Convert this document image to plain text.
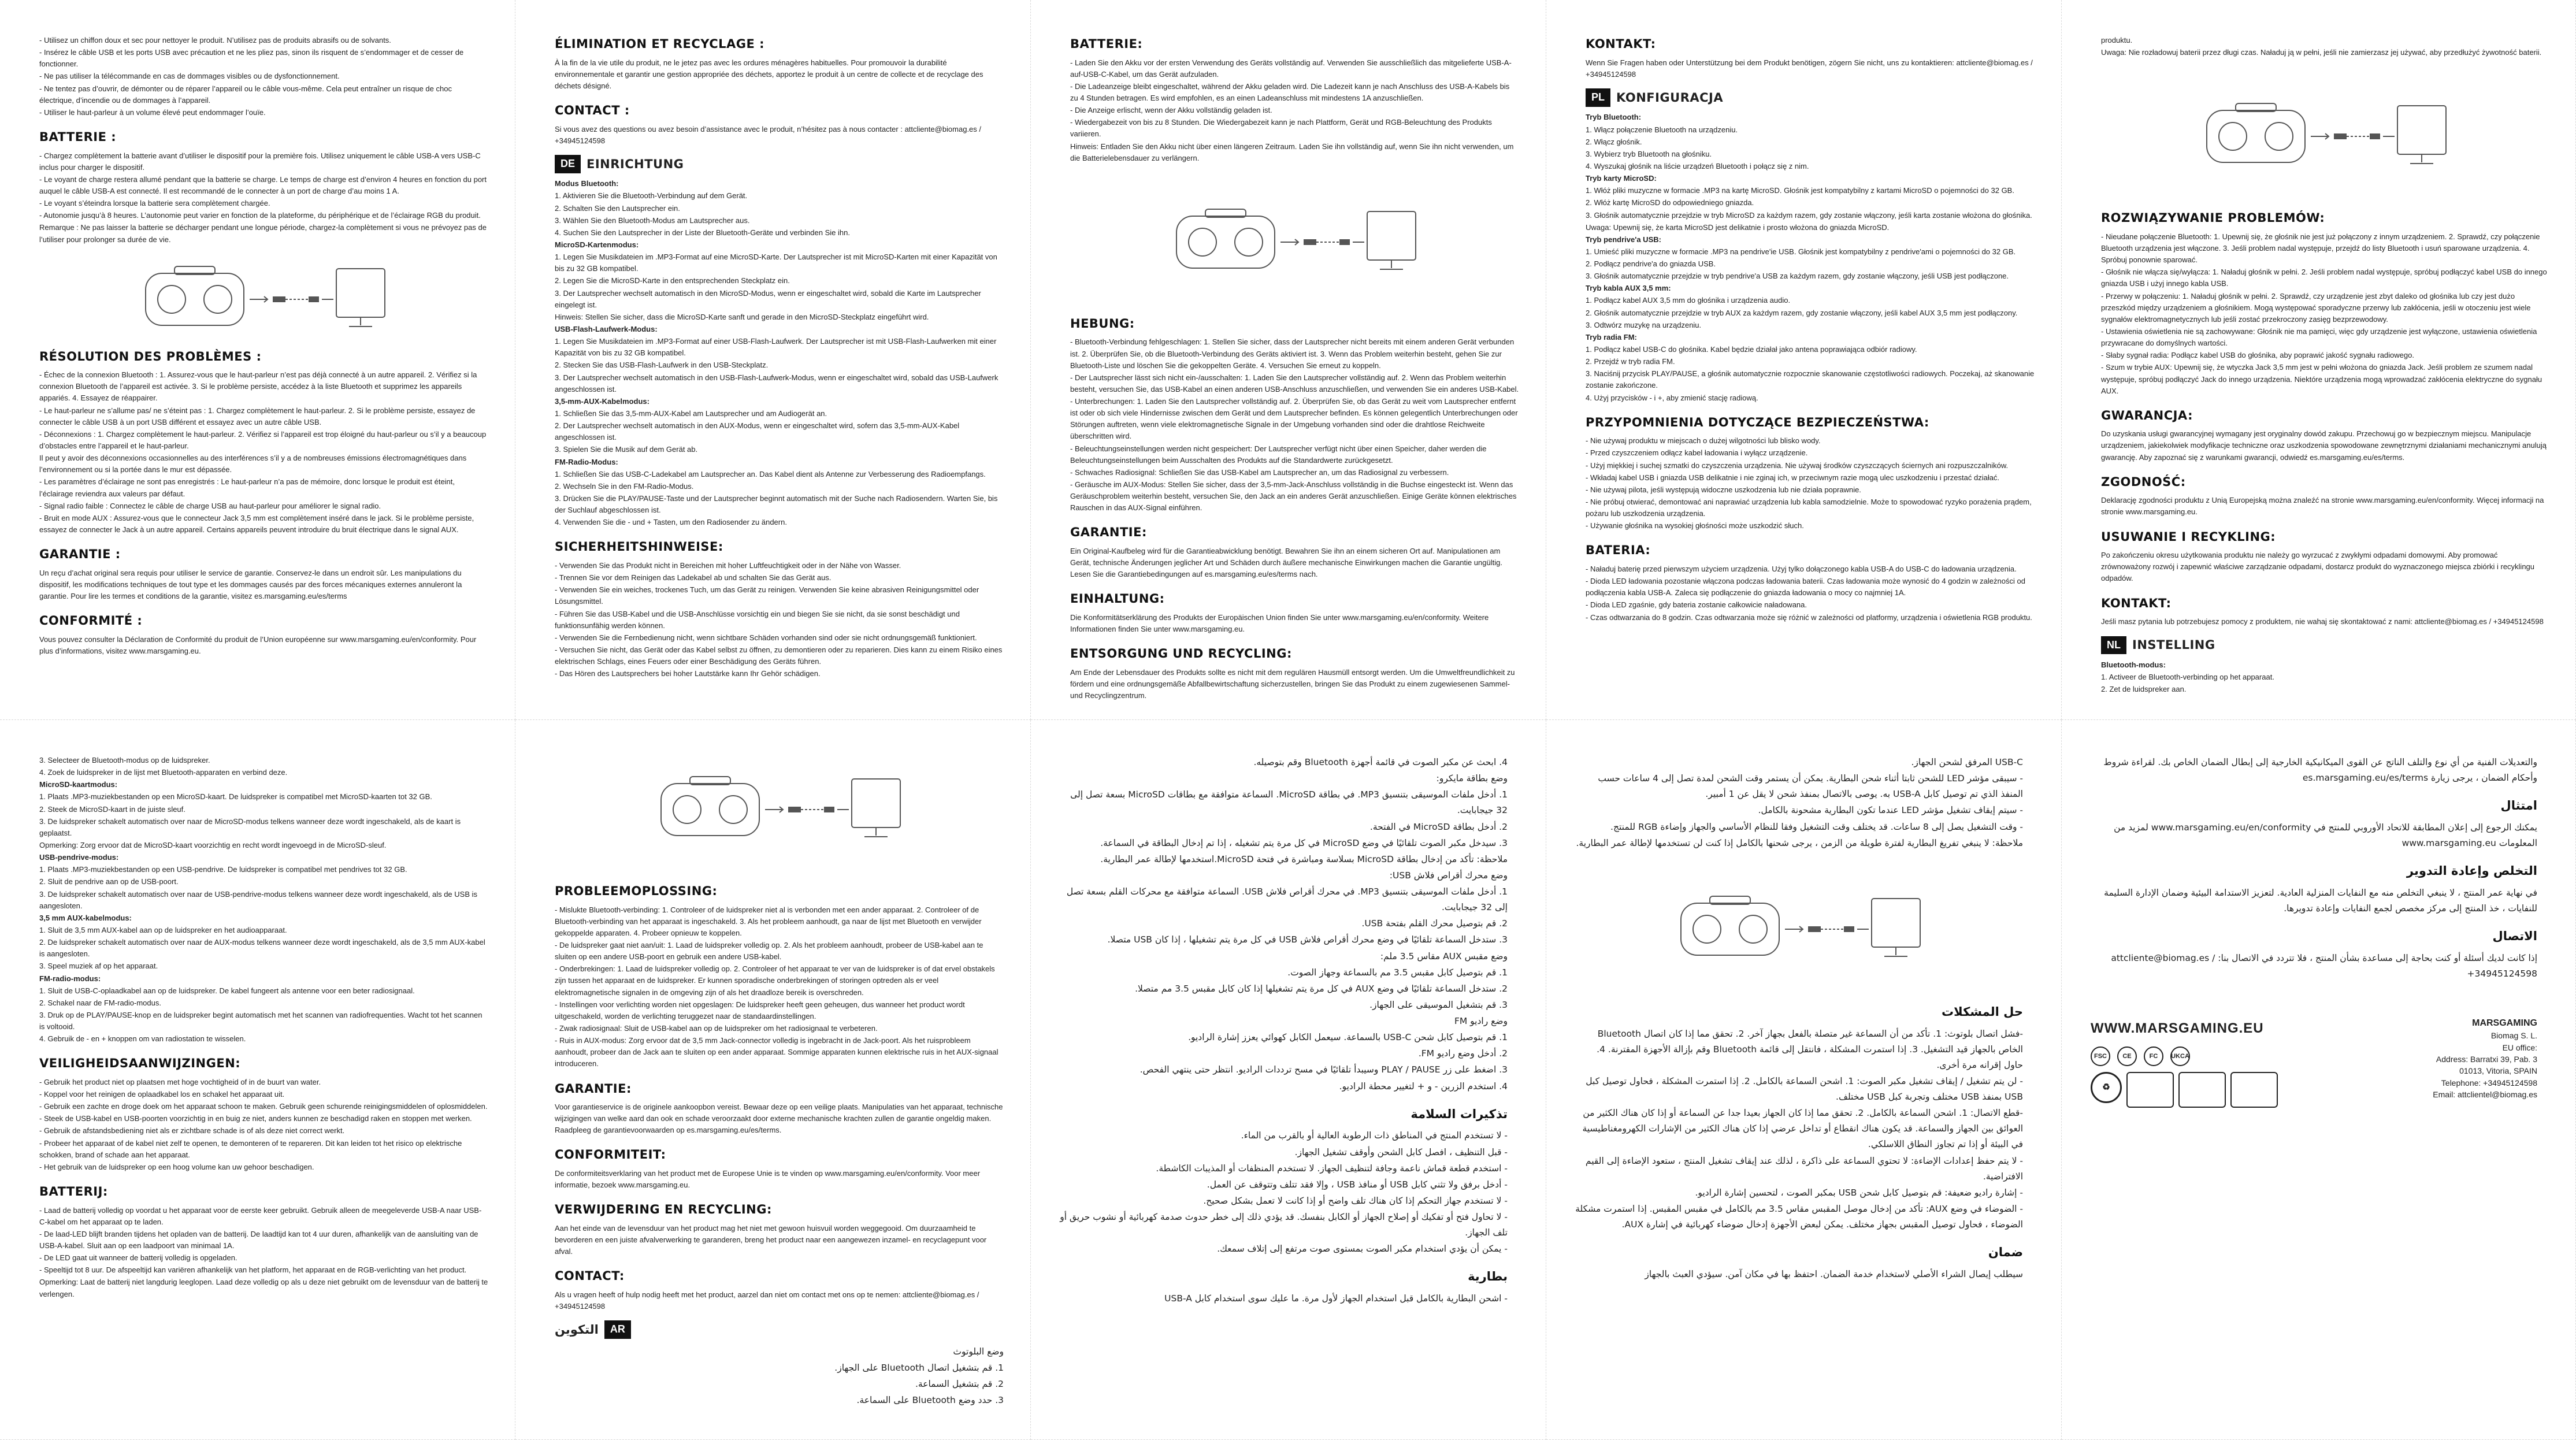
- Utilisez un chiffon doux et sec pour nettoyer le produit. N’utilisez pas de produits abrasifs ou de solvants.

- Insérez le câble USB et les ports USB avec précaution et ne les pliez pas, sinon ils risquent de s’endommager et de cesser de fonctionner.

- Ne pas utiliser la télécommande en cas de dommages visibles ou de dysfonctionnement.

- Ne tentez pas d’ouvrir, de démonter ou de réparer l’appareil ou le câble vous-même. Cela peut entraîner un risque de choc électrique, d’incendie ou de dommages à l’appareil.

- Utiliser le haut-parleur à un volume élevé peut endommager l’ouïe.

BATTERIE :

- Chargez complètement la batterie avant d’utiliser le dispositif pour la première fois. Utilisez uniquement le câble USB-A vers USB-C inclus pour charger le dispositif.

- Le voyant de charge restera allumé pendant que la batterie se charge. Le temps de charge est d’environ 4 heures en fonction du port auquel le câble USB-A est connecté. Il est recommandé de le connecter à un port de charge d’au moins 1 A.

- Le voyant s’éteindra lorsque la batterie sera complètement chargée.

- Autonomie jusqu’à 8 heures. L’autonomie peut varier en fonction de la plateforme, du périphérique et de l’éclairage RGB du produit.

Remarque : Ne pas laisser la batterie se décharger pendant une longue période, chargez-la complètement si vous ne prévoyez pas de l’utiliser pour prolonger sa durée de vie.

RÉSOLUTION DES PROBLÈMES :

- Échec de la connexion Bluetooth : 1. Assurez-vous que le haut-parleur n’est pas déjà connecté à un autre appareil. 2. Vérifiez si la connexion Bluetooth de l’appareil est activée. 3. Si le problème persiste, accédez à la liste Bluetooth et supprimez les appareils appariés. 4. Essayez de réappairer.

- Le haut-parleur ne s’allume pas/ ne s’éteint pas : 1. Chargez complètement le haut-parleur. 2. Si le problème persiste, essayez de connecter le câble USB à un port USB différent et essayez avec un autre câble USB.

- Déconnexions : 1. Chargez complètement le haut-parleur. 2. Vérifiez si l’appareil est trop éloigné du haut-parleur ou s’il y a beaucoup d’obstacles entre l’appareil et le haut-parleur.

Il peut y avoir des déconnexions occasionnelles au des interférences s’il y a de nombreuses émissions électromagnétiques dans l’environnement ou si la portée dans le mur est dépassée.

- Les paramètres d’éclairage ne sont pas enregistrés : Le haut-parleur n’a pas de mémoire, donc lorsque le produit est éteint, l’éclairage reviendra aux valeurs par défaut.

- Signal radio faible : Connectez le câble de charge USB au haut-parleur pour améliorer le signal radio.

- Bruit en mode AUX : Assurez-vous que le connecteur Jack 3,5 mm est complètement inséré dans le jack. Si le problème persiste, essayez de connecter le Jack à un autre appareil. Certains appareils peuvent introduire du bruit électrique dans le signal AUX.

GARANTIE :

Un reçu d’achat original sera requis pour utiliser le service de garantie. Conservez-le dans un endroit sûr. Les manipulations du dispositif, les modifications techniques de tout type et les dommages causés par des forces mécaniques externes annuleront la garantie. Pour lire les termes et conditions de la garantie, visitez es.marsgaming.eu/es/terms

CONFORMITÉ :

Vous pouvez consulter la Déclaration de Conformité du produit de l’Union européenne sur www.marsgaming.eu/en/conformity. Pour plus d’informations, visitez www.marsgaming.eu.

ÉLIMINATION ET RECYCLAGE :

À la fin de la vie utile du produit, ne le jetez pas avec les ordures ménagères habituelles. Pour promouvoir la durabilité environnementale et garantir une gestion appropriée des déchets, apportez le produit à un centre de collecte et de recyclage des déchets désigné.

CONTACT :

Si vous avez des questions ou avez besoin d’assistance avec le produit, n’hésitez pas à nous contacter : attcliente@biomag.es / +34945124598

DE EINRICHTUNG

Modus Bluetooth:

1. Aktivieren Sie die Bluetooth-Verbindung auf dem Gerät.

2. Schalten Sie den Lautsprecher ein.

3. Wählen Sie den Bluetooth-Modus am Lautsprecher aus.

4. Suchen Sie den Lautsprecher in der Liste der Bluetooth-Geräte und verbinden Sie ihn.

MicroSD-Kartenmodus:

1. Legen Sie Musikdateien im .MP3-Format auf eine MicroSD-Karte. Der Lautsprecher ist mit MicroSD-Karten mit einer Kapazität von bis zu 32 GB kompatibel.

2. Legen Sie die MicroSD-Karte in den entsprechenden Steckplatz ein.

3. Der Lautsprecher wechselt automatisch in den MicroSD-Modus, wenn er eingeschaltet wird, sobald die Karte im Lautsprecher eingelegt ist.

Hinweis: Stellen Sie sicher, dass die MicroSD-Karte sanft und gerade in den MicroSD-Steckplatz eingeführt wird.

USB-Flash-Laufwerk-Modus:

1. Legen Sie Musikdateien im .MP3-Format auf einer USB-Flash-Laufwerk. Der Lautsprecher ist mit USB-Flash-Laufwerken mit einer Kapazität von bis zu 32 GB kompatibel.

2. Stecken Sie das USB-Flash-Laufwerk in den USB-Steckplatz.

3. Der Lautsprecher wechselt automatisch in den USB-Flash-Laufwerk-Modus, wenn er eingeschaltet wird, sobald das USB-Laufwerk angeschlossen ist.

3,5-mm-AUX-Kabelmodus:

1. Schließen Sie das 3,5-mm-AUX-Kabel am Lautsprecher und am Audiogerät an.

2. Der Lautsprecher wechselt automatisch in den AUX-Modus, wenn er eingeschaltet wird, sofern das 3,5-mm-AUX-Kabel angeschlossen ist.

3. Spielen Sie die Musik auf dem Gerät ab.

FM-Radio-Modus:

1. Schließen Sie das USB-C-Ladekabel am Lautsprecher an. Das Kabel dient als Antenne zur Verbesserung des Radioempfangs.

2. Wechseln Sie in den FM-Radio-Modus.

3. Drücken Sie die PLAY/PAUSE-Taste und der Lautsprecher beginnt automatisch mit der Suche nach Radiosendern. Warten Sie, bis der Suchlauf abgeschlossen ist.

4. Verwenden Sie die - und + Tasten, um den Radiosender zu ändern.

SICHERHEITSHINWEISE:

- Verwenden Sie das Produkt nicht in Bereichen mit hoher Luftfeuchtigkeit oder in der Nähe von Wasser.

- Trennen Sie vor dem Reinigen das Ladekabel ab und schalten Sie das Gerät aus.

- Verwenden Sie ein weiches, trockenes Tuch, um das Gerät zu reinigen. Verwenden Sie keine abrasiven Reinigungsmittel oder Lösungsmittel.

- Führen Sie das USB-Kabel und die USB-Anschlüsse vorsichtig ein und biegen Sie sie nicht, da sie sonst beschädigt und funktionsunfähig werden können.

- Verwenden Sie die Fernbedienung nicht, wenn sichtbare Schäden vorhanden sind oder sie nicht ordnungsgemäß funktioniert.

- Versuchen Sie nicht, das Gerät oder das Kabel selbst zu öffnen, zu demontieren oder zu reparieren. Dies kann zu einem Risiko eines elektrischen Schlags, eines Feuers oder einer Beschädigung des Geräts führen.

- Das Hören des Lautsprechers bei hoher Lautstärke kann Ihr Gehör schädigen.

BATTERIE:

- Laden Sie den Akku vor der ersten Verwendung des Geräts vollständig auf. Verwenden Sie ausschließlich das mitgelieferte USB-A-auf-USB-C-Kabel, um das Gerät aufzuladen.

- Die Ladeanzeige bleibt eingeschaltet, während der Akku geladen wird. Die Ladezeit kann je nach Anschluss des USB-A-Kabels bis zu 4 Stunden betragen. Es wird empfohlen, es an einen Ladeanschluss mit mindestens 1A anzuschließen.

- Die Anzeige erlischt, wenn der Akku vollständig geladen ist.

- Wiedergabezeit von bis zu 8 Stunden. Die Wiedergabezeit kann je nach Plattform, Gerät und RGB-Beleuchtung des Produkts variieren.

Hinweis: Entladen Sie den Akku nicht über einen längeren Zeitraum. Laden Sie ihn vollständig auf, wenn Sie ihn nicht verwenden, um die Batterielebensdauer zu verlängern.

HEBUNG:

- Bluetooth-Verbindung fehlgeschlagen: 1. Stellen Sie sicher, dass der Lautsprecher nicht bereits mit einem anderen Gerät verbunden ist. 2. Überprüfen Sie, ob die Bluetooth-Verbindung des Geräts aktiviert ist. 3. Wenn das Problem weiterhin besteht, gehen Sie zur Bluetooth-Liste und löschen Sie die gekoppelten Geräte. 4. Versuchen Sie erneut zu koppeln.

- Der Lautsprecher lässt sich nicht ein-/ausschalten: 1. Laden Sie den Lautsprecher vollständig auf. 2. Wenn das Problem weiterhin besteht, versuchen Sie, das USB-Kabel an einen anderen USB-Anschluss anzuschließen, und verwenden Sie ein anderes USB-Kabel.

- Unterbrechungen: 1. Laden Sie den Lautsprecher vollständig auf. 2. Überprüfen Sie, ob das Gerät zu weit vom Lautsprecher entfernt ist oder ob sich viele Hindernisse zwischen dem Gerät und dem Lautsprecher befinden. Es können gelegentlich Unterbrechungen oder Störungen auftreten, wenn viele elektromagnetische Signale in der Umgebung vorhanden sind oder die drahtlose Reichweite überschritten wird.

- Beleuchtungseinstellungen werden nicht gespeichert: Der Lautsprecher verfügt nicht über einen Speicher, daher werden die Beleuchtungseinstellungen beim Ausschalten des Produkts auf die Standardwerte zurückgesetzt.

- Schwaches Radiosignal: Schließen Sie das USB-Kabel am Lautsprecher an, um das Radiosignal zu verbessern.

- Geräusche im AUX-Modus: Stellen Sie sicher, dass der 3,5-mm-Jack-Anschluss vollständig in die Buchse eingesteckt ist. Wenn das Geräuschproblem weiterhin besteht, versuchen Sie, den Jack an ein anderes Gerät anzuschließen. Einige Geräte können elektrisches Rauschen in das AUX-Signal einführen.

GARANTIE:

Ein Original-Kaufbeleg wird für die Garantieabwicklung benötigt. Bewahren Sie ihn an einem sicheren Ort auf. Manipulationen am Gerät, technische Änderungen jeglicher Art und Schäden durch äußere mechanische Einwirkungen machen die Garantie ungültig. Lesen Sie die Garantiebedingungen auf es.marsgaming.eu/es/terms nach.

EINHALTUNG:

Die Konformitätserklärung des Produkts der Europäischen Union finden Sie unter www.marsgaming.eu/en/conformity. Weitere Informationen finden Sie unter www.marsgaming.eu.

ENTSORGUNG UND RECYCLING:

Am Ende der Lebensdauer des Produkts sollte es nicht mit dem regulären Hausmüll entsorgt werden. Um die Umweltfreundlichkeit zu fördern und eine ordnungsgemäße Abfallbewirtschaftung sicherzustellen, bringen Sie das Produkt zu einem zugewiesenen Sammel- und Recyclingzentrum.

KONTAKT:

Wenn Sie Fragen haben oder Unterstützung bei dem Produkt benötigen, zögern Sie nicht, uns zu kontaktieren: attcliente@biomag.es / +34945124598

PL KONFIGURACJA

Tryb Bluetooth:

1. Włącz połączenie Bluetooth na urządzeniu.

2. Włącz głośnik.

3. Wybierz tryb Bluetooth na głośniku.

4. Wyszukaj głośnik na liście urządzeń Bluetooth i połącz się z nim.

Tryb karty MicroSD:

1. Włóż pliki muzyczne w formacie .MP3 na kartę MicroSD. Głośnik jest kompatybilny z kartami MicroSD o pojemności do 32 GB.

2. Włóż kartę MicroSD do odpowiedniego gniazda.

3. Głośnik automatycznie przejdzie w tryb MicroSD za każdym razem, gdy zostanie włączony, jeśli karta zostanie włożona do głośnika.

Uwaga: Upewnij się, że karta MicroSD jest delikatnie i prosto włożona do gniazda MicroSD.

Tryb pendrive'a USB:

1. Umieść pliki muzyczne w formacie .MP3 na pendrive'ie USB. Głośnik jest kompatybilny z pendrive'ami o pojemności do 32 GB.

2. Podłącz pendrive'a do gniazda USB.

3. Głośnik automatycznie przejdzie w tryb pendrive'a USB za każdym razem, gdy zostanie włączony, jeśli USB jest podłączone.

Tryb kabla AUX 3,5 mm:

1. Podłącz kabel AUX 3,5 mm do głośnika i urządzenia audio.

2. Głośnik automatycznie przejdzie w tryb AUX za każdym razem, gdy zostanie włączony, jeśli kabel AUX 3,5 mm jest podłączony.

3. Odtwórz muzykę na urządzeniu.

Tryb radia FM:

1. Podłącz kabel USB-C do głośnika. Kabel będzie działał jako antena poprawiająca odbiór radiowy.

2. Przejdź w tryb radia FM.

3. Naciśnij przycisk PLAY/PAUSE, a głośnik automatycznie rozpocznie skanowanie częstotliwości radiowych. Poczekaj, aż skanowanie zostanie zakończone.

4. Użyj przycisków - i +, aby zmienić stację radiową.

PRZYPOMNIENIA DOTYCZĄCE BEZPIECZEŃSTWA:

- Nie używaj produktu w miejscach o dużej wilgotności lub blisko wody.

- Przed czyszczeniem odłącz kabel ładowania i wyłącz urządzenie.

- Użyj miękkiej i suchej szmatki do czyszczenia urządzenia. Nie używaj środków czyszczących ściernych ani rozpuszczalników.

- Wkładaj kabel USB i gniazda USB delikatnie i nie zginaj ich, w przeciwnym razie mogą ulec uszkodzeniu i przestać działać.

- Nie używaj pilota, jeśli występują widoczne uszkodzenia lub nie działa poprawnie.

- Nie próbuj otwierać, demontować ani naprawiać urządzenia lub kabla samodzielnie. Może to spowodować ryzyko porażenia prądem, pożaru lub uszkodzenia urządzenia.

- Używanie głośnika na wysokiej głośności może uszkodzić słuch.

BATERIA:

- Naładuj baterię przed pierwszym użyciem urządzenia. Użyj tylko dołączonego kabla USB-A do USB-C do ładowania urządzenia.

- Dioda LED ładowania pozostanie włączona podczas ładowania baterii. Czas ładowania może wynosić do 4 godzin w zależności od podłączenia kabla USB-A. Zaleca się podłączenie do gniazda ładowania o mocy co najmniej 1A.

- Dioda LED zgaśnie, gdy bateria zostanie całkowicie naładowana.

- Czas odtwarzania do 8 godzin. Czas odtwarzania może się różnić w zależności od platformy, urządzenia i oświetlenia RGB produktu.

produktu.

Uwaga: Nie rozładowuj baterii przez długi czas. Naładuj ją w pełni, jeśli nie zamierzasz jej używać, aby przedłużyć żywotność baterii.

ROZWIĄZYWANIE PROBLEMÓW:

- Nieudane połączenie Bluetooth: 1. Upewnij się, że głośnik nie jest już połączony z innym urządzeniem. 2. Sprawdź, czy połączenie Bluetooth urządzenia jest włączone. 3. Jeśli problem nadal występuje, przejdź do listy Bluetooth i usuń sparowane urządzenia. 4. Spróbuj ponownie sparować.

- Głośnik nie włącza się/wyłącza: 1. Naładuj głośnik w pełni. 2. Jeśli problem nadal występuje, spróbuj podłączyć kabel USB do innego gniazda USB i użyj innego kabla USB.

- Przerwy w połączeniu: 1. Naładuj głośnik w pełni. 2. Sprawdź, czy urządzenie jest zbyt daleko od głośnika lub czy jest dużo przeszkód między urządzeniem a głośnikiem. Mogą występować sporadyczne przerwy lub zakłócenia, jeśli w otoczeniu jest wiele sygnałów elektromagnetycznych lub jeśli zostać przekroczony zasięg bezprzewodowy.

- Ustawienia oświetlenia nie są zachowywane: Głośnik nie ma pamięci, więc gdy urządzenie jest wyłączone, ustawienia oświetlenia przywracane do domyślnych wartości.

- Słaby sygnał radia: Podłącz kabel USB do głośnika, aby poprawić jakość sygnału radiowego.

- Szum w trybie AUX: Upewnij się, że wtyczka Jack 3,5 mm jest w pełni włożona do gniazda Jack. Jeśli problem ze szumem nadal występuje, spróbuj podłączyć Jack do innego urządzenia. Niektóre urządzenia mogą wprowadzać zakłócenia elektryczne do sygnału AUX.

GWARANCJA:

Do uzyskania usługi gwarancyjnej wymagany jest oryginalny dowód zakupu. Przechowuj go w bezpiecznym miejscu. Manipulacje urządzeniem, jakiekolwiek modyfikacje techniczne oraz uszkodzenia spowodowane zewnętrznymi działaniami mechanicznymi anulują gwarancję. Aby zapoznać się z warunkami gwarancji, odwiedź es.marsgaming.eu/es/terms.

ZGODNOŚĆ:

Deklarację zgodności produktu z Unią Europejską można znaleźć na stronie www.marsgaming.eu/en/conformity. Więcej informacji na stronie www.marsgaming.eu.

USUWANIE I RECYKLING:

Po zakończeniu okresu użytkowania produktu nie należy go wyrzucać z zwykłymi odpadami domowymi. Aby promować zrównoważony rozwój i zapewnić właściwe zarządzanie odpadami, dostarcz produkt do wyznaczonego miejsca zbiórki i recyklingu odpadów.

KONTAKT:

Jeśli masz pytania lub potrzebujesz pomocy z produktem, nie wahaj się skontaktować z nami: attcliente@biomag.es / +34945124598

NL INSTELLING

Bluetooth-modus:

1. Activeer de Bluetooth-verbinding op het apparaat.

2. Zet de luidspreker aan.

3. Selecteer de Bluetooth-modus op de luidspreker.

4. Zoek de luidspreker in de lijst met Bluetooth-apparaten en verbind deze.

MicroSD-kaartmodus:

1. Plaats .MP3-muziekbestanden op een MicroSD-kaart. De luidspreker is compatibel met MicroSD-kaarten tot 32 GB.

2. Steek de MicroSD-kaart in de juiste sleuf.

3. De luidspreker schakelt automatisch over naar de MicroSD-modus telkens wanneer deze wordt ingeschakeld, als de kaart is geplaatst.

Opmerking: Zorg ervoor dat de MicroSD-kaart voorzichtig en recht wordt ingevoegd in de MicroSD-sleuf.

USB-pendrive-modus:

1. Plaats .MP3-muziekbestanden op een USB-pendrive. De luidspreker is compatibel met pendrives tot 32 GB.

2. Sluit de pendrive aan op de USB-poort.

3. De luidspreker schakelt automatisch over naar de USB-pendrive-modus telkens wanneer deze wordt ingeschakeld, als de USB is aangesloten.

3,5 mm AUX-kabelmodus:

1. Sluit de 3,5 mm AUX-kabel aan op de luidspreker en het audioapparaat.

2. De luidspreker schakelt automatisch over naar de AUX-modus telkens wanneer deze wordt ingeschakeld, als de 3,5 mm AUX-kabel is aangesloten.

3. Speel muziek af op het apparaat.

FM-radio-modus:

1. Sluit de USB-C-oplaadkabel aan op de luidspreker. De kabel fungeert als antenne voor een beter radiosignaal.

2. Schakel naar de FM-radio-modus.

3. Druk op de PLAY/PAUSE-knop en de luidspreker begint automatisch met het scannen van radiofrequenties. Wacht tot het scannen is voltooid.

4. Gebruik de - en + knoppen om van radiostation te wisselen.

VEILIGHEIDSAANWIJZINGEN:

- Gebruik het product niet op plaatsen met hoge vochtigheid of in de buurt van water.

- Koppel voor het reinigen de oplaadkabel los en schakel het apparaat uit.

- Gebruik een zachte en droge doek om het apparaat schoon te maken. Gebruik geen schurende reinigingsmiddelen of oplosmiddelen.

- Steek de USB-kabel en USB-poorten voorzichtig in en buig ze niet, anders kunnen ze beschadigd raken en stoppen met werken.

- Gebruik de afstandsbediening niet als er zichtbare schade is of als deze niet correct werkt.

- Probeer het apparaat of de kabel niet zelf te openen, te demonteren of te repareren. Dit kan leiden tot het risico op elektrische schokken, brand of schade aan het apparaat.

- Het gebruik van de luidspreker op een hoog volume kan uw gehoor beschadigen.

BATTERIJ:

- Laad de batterij volledig op voordat u het apparaat voor de eerste keer gebruikt. Gebruik alleen de meegeleverde USB-A naar USB-C-kabel om het apparaat op te laden.

- De laad-LED blijft branden tijdens het opladen van de batterij. De laadtijd kan tot 4 uur duren, afhankelijk van de aansluiting van de USB-A-kabel. Sluit aan op een laadpoort van minimaal 1A.

- De LED gaat uit wanneer de batterij volledig is opgeladen.

- Speeltijd tot 8 uur. De afspeeltijd kan variëren afhankelijk van het platform, het apparaat en de RGB-verlichting van het product.

Opmerking: Laat de batterij niet langdurig leeglopen. Laad deze volledig op als u deze niet gebruikt om de levensduur van de batterij te verlengen.

PROBLEEMOPLOSSING:

- Mislukte Bluetooth-verbinding: 1. Controleer of de luidspreker niet al is verbonden met een ander apparaat. 2. Controleer of de Bluetooth-verbinding van het apparaat is ingeschakeld. 3. Als het probleem aanhoudt, ga naar de lijst met Bluetooth en verwijder gekoppelde apparaten. 4. Probeer opnieuw te koppelen.

- De luidspreker gaat niet aan/uit: 1. Laad de luidspreker volledig op. 2. Als het probleem aanhoudt, probeer de USB-kabel aan te sluiten op een andere USB-poort en gebruik een andere USB-kabel.

- Onderbrekingen: 1. Laad de luidspreker volledig op. 2. Controleer of het apparaat te ver van de luidspreker is of dat ervel obstakels zijn tussen het apparaat en de luidspreker. Er kunnen sporadische onderbrekingen of storingen optreden als er veel elektromagnetische signalen in de omgeving zijn of als het draadloze bereik is overschreden.

- Instellingen voor verlichting worden niet opgeslagen: De luidspreker heeft geen geheugen, dus wanneer het product wordt uitgeschakeld, worden de verlichting teruggezet naar de standaardinstellingen.

- Zwak radiosignaal: Sluit de USB-kabel aan op de luidspreker om het radiosignaal te verbeteren.

- Ruis in AUX-modus: Zorg ervoor dat de 3,5 mm Jack-connector volledig is ingebracht in de Jack-poort. Als het ruisprobleem aanhoudt, probeer dan de Jack aan te sluiten op een ander apparaat. Sommige apparaten kunnen elektrische ruis in het AUX-signaal introduceren.

GARANTIE:

Voor garantieservice is de originele aankoopbon vereist. Bewaar deze op een veilige plaats. Manipulaties van het apparaat, technische wijzigingen van welke aard dan ook en schade veroorzaakt door externe mechanische krachten zullen de garantie ongeldig maken. Raadpleeg de garantievoorwaarden op es.marsgaming.eu/es/terms.

CONFORMITEIT:

De conformiteitsverklaring van het product met de Europese Unie is te vinden op www.marsgaming.eu/en/conformity. Voor meer informatie, bezoek www.marsgaming.eu.

VERWIJDERING EN RECYCLING:

Aan het einde van de levensduur van het product mag het niet met gewoon huisvuil worden weggegooid. Om duurzaamheid te bevorderen en een juiste afvalverwerking te garanderen, breng het product naar een aangewezen inzamel- en recyclagepunt voor afval.

CONTACT:

Als u vragen heeft of hulp nodig heeft met het product, aarzel dan niet om contact met ons op te nemen: attcliente@biomag.es / +34945124598

AR
التكوين

وضع البلوتوث

1. قم بتشغيل اتصال Bluetooth على الجهاز.

2. قم بتشغيل السماعة.

3. حدد وضع Bluetooth على السماعة.

4. ابحث عن مكبر الصوت في قائمة أجهزة Bluetooth وقم بتوصيله.

وضع بطاقة مايكرو:

1. أدخل ملفات الموسيقى بتنسيق MP3. في بطاقة MicroSD. السماعة متوافقة مع بطاقات MicroSD بسعة تصل إلى 32 جيجابايت.

2. أدخل بطاقة MicroSD في الفتحة.

3. سيدخل مكبر الصوت تلقائيًا في وضع MicroSD في كل مرة يتم تشغيله ، إذا تم إدخال البطاقة في السماعة.

ملاحظة: تأكد من إدخال بطاقة MicroSD بسلاسة ومباشرة في فتحة MicroSD.استخدمها لإطالة عمر البطارية.

وضع محرك أقراص فلاش USB:

1. أدخل ملفات الموسيقى بتنسيق MP3. في محرك أقراص فلاش USB. السماعة متوافقة مع محركات القلم بسعة تصل إلى 32 جيجابايت.

2. قم بتوصيل محرك القلم بفتحة USB.

3. ستدخل السماعة تلقائيًا في وضع محرك أقراص فلاش USB في كل مرة يتم تشغيلها ، إذا كان USB متصلا.

وضع مقبس AUX مقاس 3.5 ملم:

1. قم بتوصيل كابل مقبس 3.5 مم بالسماعة وجهاز الصوت.

2. ستدخل السماعة تلقائيًا في وضع AUX في كل مرة يتم تشغيلها إذا كان كابل مقبس 3.5 مم متصلا.

3. قم بتشغيل الموسيقى على الجهاز.

وضع راديو FM

1. قم بتوصيل كابل شحن USB-C بالسماعة. سيعمل الكابل كهوائي يعزز إشارة الراديو.

2. أدخل وضع راديو FM.

3. اضغط على زر PLAY / PAUSE وسيبدأ تلقائيًا في مسح ترددات الراديو. انتظر حتى ينتهي الفحص.

4. استخدم الزرين - و + لتغيير محطة الراديو.

تذكيرات السلامة

- لا تستخدم المنتج في المناطق ذات الرطوبة العالية أو بالقرب من الماء.

- قبل التنظيف ، افصل كابل الشحن وأوقف تشغيل الجهاز.

- استخدم قطعة قماش ناعمة وجافة لتنظيف الجهاز. لا تستخدم المنظفات أو المذيبات الكاشطة.

- أدخل برفق ولا تثني كابل USB أو منافذ USB ، وإلا فقد تتلف وتتوقف عن العمل.

- لا تستخدم جهاز التحكم إذا كان هناك تلف واضح أو إذا كانت لا تعمل بشكل صحيح.

- لا تحاول فتح أو تفكيك أو إصلاح الجهاز أو الكابل بنفسك. قد يؤدي ذلك إلى خطر حدوث صدمة كهربائية أو نشوب حريق أو تلف الجهاز.

- يمكن أن يؤدي استخدام مكبر الصوت بمستوى صوت مرتفع إلى إتلاف سمعك.

بطارية

- اشحن البطارية بالكامل قبل استخدام الجهاز لأول مرة. ما عليك سوى استخدام كابل USB-A

USB-C المرفق لشحن الجهاز.

- سيبقى مؤشر LED للشحن ثابتا أثناء شحن البطارية. يمكن أن يستمر وقت الشحن لمدة تصل إلى 4 ساعات حسب المنفذ الذي تم توصيل كابل USB-A به. يوصى بالاتصال بمنفذ شحن لا يقل عن 1 أمبير.

- سيتم إيقاف تشغيل مؤشر LED عندما تكون البطارية مشحونة بالكامل.

- وقت التشغيل يصل إلى 8 ساعات. قد يختلف وقت التشغيل وفقا للنظام الأساسي والجهاز وإضاءة RGB للمنتج.

ملاحظة: لا ينبغي تفريغ البطارية لفترة طويلة من الزمن ، يرجى شحنها بالكامل إذا كنت لن تستخدمها لإطالة عمر البطارية.

حل المشكلات

-فشل اتصال بلوتوث: 1. تأكد من أن السماعة غير متصلة بالفعل بجهاز آخر. 2. تحقق مما إذا كان اتصال Bluetooth الخاص بالجهاز قيد التشغيل. 3. إذا استمرت المشكلة ، فانتقل إلى قائمة Bluetooth وقم بإزالة الأجهزة المقترنة. 4. حاول إقرانه مرة أخرى.

- لن يتم تشغيل / إيقاف تشغيل مكبر الصوت: 1. اشحن السماعة بالكامل. 2. إذا استمرت المشكلة ، فحاول توصيل كبل USB بمنفذ USB مختلف وتجربة كبل USB مختلف.

-قطع الاتصال: 1. اشحن السماعة بالكامل. 2. تحقق مما إذا كان الجهاز بعيدا جدا عن السماعة أو إذا كان هناك الكثير من العوائق بين الجهاز والسماعة. قد يكون هناك انقطاع أو تداخل عرضي إذا كان هناك الكثير من الإشارات الكهرومغناطيسية في البيئة أو إذا تم تجاوز النطاق اللاسلكي.

- لا يتم حفظ إعدادات الإضاءة: لا تحتوي السماعة على ذاكرة ، لذلك عند إيقاف تشغيل المنتج ، ستعود الإضاءة إلى القيم الافتراضية.

- إشارة راديو ضعيفة: قم بتوصيل كابل شحن USB بمكبر الصوت ، لتحسين إشارة الراديو.

- الضوضاء في وضع AUX: تأكد من إدخال موصل المقبس مقاس 3.5 مم بالكامل في مقبس المقبس. إذا استمرت مشكلة الضوضاء ، فحاول توصيل المقبس بجهاز مختلف. يمكن لبعض الأجهزة إدخال ضوضاء كهربائية في إشارة AUX.

ضمان

سيطلب إيصال الشراء الأصلي لاستخدام خدمة الضمان. احتفظ بها في مكان آمن. سيؤدي العبث بالجهاز

والتعديلات الفنية من أي نوع والتلف الناتج عن القوى الميكانيكية الخارجية إلى إبطال الضمان الخاص بك. لقراءة شروط وأحكام الضمان ، يرجى زيارة es.marsgaming.eu/es/terms

امتثال

يمكنك الرجوع إلى إعلان المطابقة للاتحاد الأوروبي للمنتج في www.marsgaming.eu/en/conformity لمزيد من المعلومات www.marsgaming.eu

التخلص وإعادة التدوير

في نهاية عمر المنتج ، لا ينبغي التخلص منه مع النفايات المنزلية العادية. لتعزيز الاستدامة البيئية وضمان الإدارة السليمة للنفايات ، خذ المنتج إلى مركز مخصص لجمع النفايات وإعادة تدويرها.

الاتصال

إذا كانت لديك أسئلة أو كنت بحاجة إلى مساعدة بشأن المنتج ، فلا تتردد في الاتصال بنا: attcliente@biomag.es / +34945124598

WWW.MARSGAMING.EU
FSC	CE	FC	UKCA
♻
MARSGAMING
Biomag S. L.
EU office:
Address: Barratxi 39, Pab. 3
01013, Vitoria, SPAIN
Telephone: +34945124598
Email: attclientel@biomag.es
